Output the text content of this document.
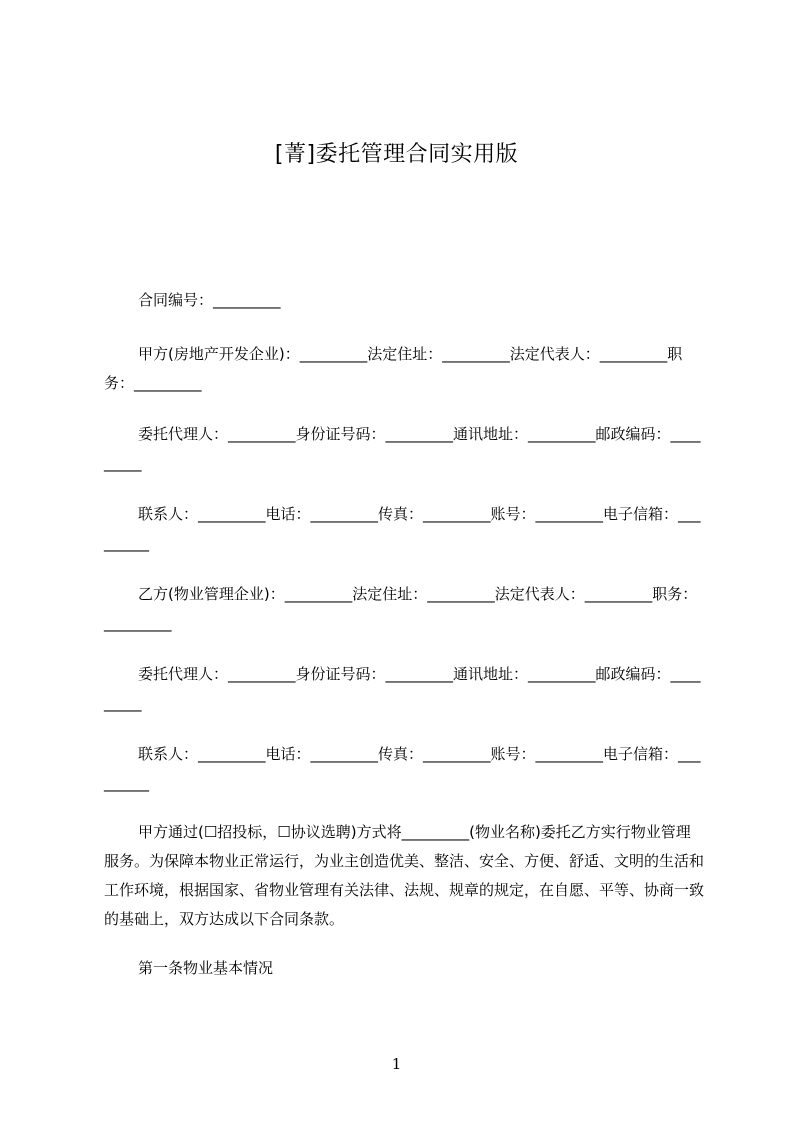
[菁]委托管理合同实用版

合同编号：_________

甲方(房地产开发企业)：_________法定住址：_________法定代表人：_________职务：_________

委托代理人：_________身份证号码：_________通讯地址：_________邮政编码：_________

联系人：_________电话：_________传真：_________账号：_________电子信箱：_________

乙方(物业管理企业)：_________法定住址：_________法定代表人：_________职务：_________

委托代理人：_________身份证号码：_________通讯地址：_________邮政编码：_________

联系人：_________电话：_________传真：_________账号：_________电子信箱：_________

甲方通过(☐招投标，☐协议选聘)方式将_________(物业名称)委托乙方实行物业管理服务。为保障本物业正常运行，为业主创造优美、整洁、安全、方便、舒适、文明的生活和工作环境，根据国家、省物业管理有关法律、法规、规章的规定，在自愿、平等、协商一致的基础上，双方达成以下合同条款。

第一条物业基本情况

1
